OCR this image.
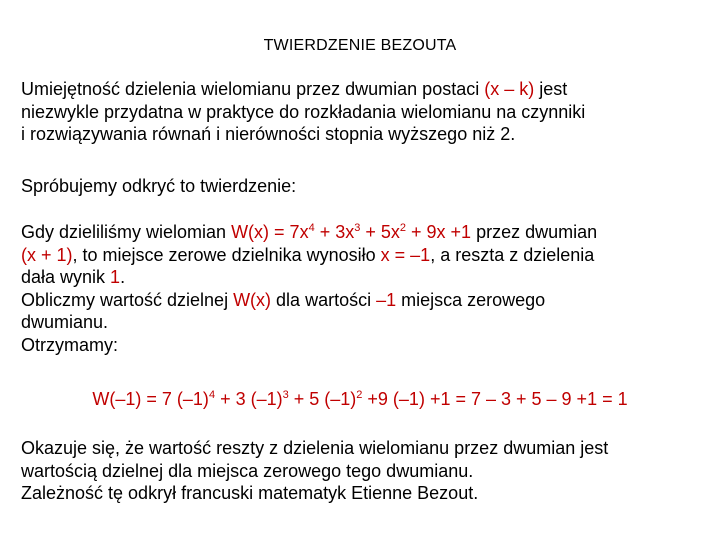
TWIERDZENIE BEZOUTA
Umiejętność dzielenia wielomianu przez dwumian postaci (x – k) jest
niezwykle przydatna w praktyce do rozkładania wielomianu na czynniki
i rozwiązywania równań i nierówności stopnia wyższego niż 2.
Spróbujemy odkryć to twierdzenie:
Gdy dzieliliśmy wielomian $W(x) = 7x^4 + 3x^3 + 5x^2 + 9x +1$ przez dwumian
(x + 1), to miejsce zerowe dzielnika wynosiło x = –1, a reszta z dzielenia
dała wynik 1.
Obliczmy wartość dzielnej W(x) dla wartości –1 miejsca zerowego
dwumianu.
Otrzymamy:
W(–1) = 7 $(-1)^4 + 3$ $(-1)^3 + 5$ $(-1)^2 +9$ (–1) +1 = 7 – 3 + 5 – 9 +1 = 1
Okazuje się, że wartość reszty z dzielenia wielomianu przez dwumian jest
wartością dzielnej dla miejsca zerowego tego dwumianu.
Zależność tę odkrył francuski matematyk Etienne Bezout.
